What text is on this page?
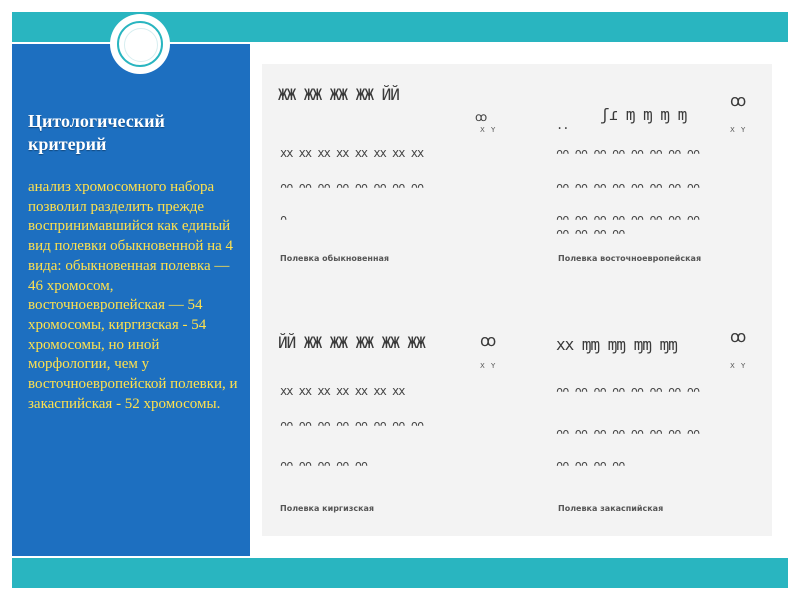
Цитологический критерий
анализ хромосомного набора позволил разделить прежде воспринимавшийся как единый вид полевки обыкновенной на 4 вида: обыкновенная полевка — 46 хромосом, восточноевропейская — 54 хромосомы, киргизская - 54 хромосомы, но иной морфологии, чем у восточноевропейской полевки, и закаспийская - 52 хромосомы.
ЖЖ ЖЖ ЖЖ ЖЖ ЙЙ
ꝏ
X Y
хх хх хх хх хх хх хх хх
ᴖᴖ ᴖᴖ ᴖᴖ ᴖᴖ ᴖᴖ ᴖᴖ ᴖᴖ ᴖᴖ
ᴖ
Полевка обыкновенная
..
ʃɾ ɱ ɱ ɱ ɱ
ꝏ
X Y
ᴖᴖ ᴖᴖ ᴖᴖ ᴖᴖ ᴖᴖ ᴖᴖ ᴖᴖ ᴖᴖ
ᴖᴖ ᴖᴖ ᴖᴖ ᴖᴖ ᴖᴖ ᴖᴖ ᴖᴖ ᴖᴖ
ᴖᴖ ᴖᴖ ᴖᴖ ᴖᴖ ᴖᴖ ᴖᴖ ᴖᴖ ᴖᴖ
ᴖᴖ ᴖᴖ ᴖᴖ ᴖᴖ
Полевка восточноевропейская
ЙЙ ЖЖ ЖЖ ЖЖ ЖЖ ЖЖ	ꝏ
X Y
хх хх хх хх хх хх хх
ᴖᴖ ᴖᴖ ᴖᴖ ᴖᴖ ᴖᴖ ᴖᴖ ᴖᴖ ᴖᴖ
ᴖᴖ ᴖᴖ ᴖᴖ ᴖᴖ ᴖᴖ
Полевка киргизская
хх ɱɱ ɱɱ ɱɱ ɱɱ	ꝏ
X Y
ᴖᴖ ᴖᴖ ᴖᴖ ᴖᴖ ᴖᴖ ᴖᴖ ᴖᴖ ᴖᴖ
ᴖᴖ ᴖᴖ ᴖᴖ ᴖᴖ ᴖᴖ ᴖᴖ ᴖᴖ ᴖᴖ
ᴖᴖ ᴖᴖ ᴖᴖ ᴖᴖ
Полевка закаспийская
